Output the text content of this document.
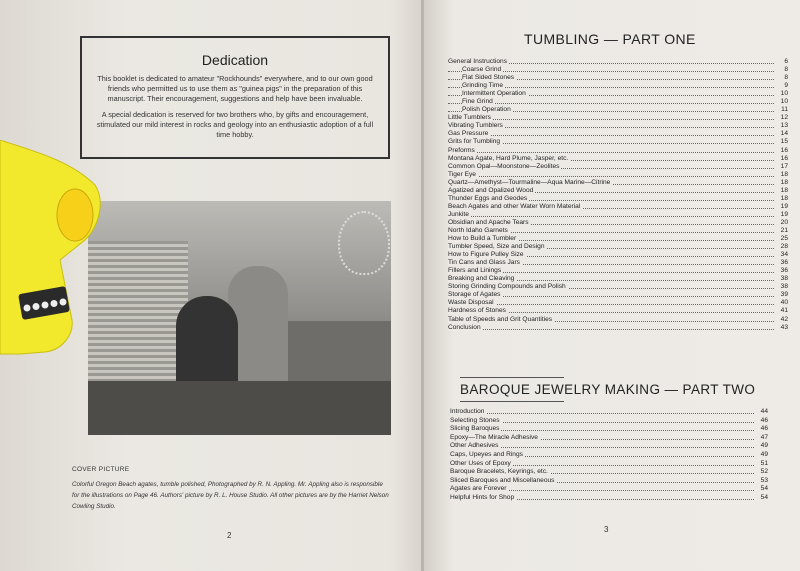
Dedication

This booklet is dedicated to amateur "Rockhounds" everywhere, and to our own good friends who permitted us to use them as "guinea pigs" in the preparation of this manuscript. Their encouragement, suggestions and help have been invaluable.

A special dedication is reserved for two brothers who, by gifts and encouragement, stimulated our mild interest in rocks and geology into an enthusiastic adoption of a full time hobby.

COVER PICTURE
Colorful Oregon Beach agates, tumble polished, Photographed by R. N. Appling. Mr. Appling also is responsible for the illustrations on Page 46. Authors' picture by R. L. House Studio. All other pictures are by the Harriet Nelson Cowling Studio.
2
TUMBLING — PART ONE
General Instructions	6
Coarse Grind	8
Flat Sided Stones	8
Grinding Time	9
Intermittent Operation	10
Fine Grind	10
Polish Operation	11
Little Tumblers	12
Vibrating Tumblers	13
Gas Pressure	14
Grits for Tumbling	15
Preforms	16
Montana Agate, Hard Plume, Jasper, etc.	16
Common Opal—Moonstone—Zeolites	17
Tiger Eye	18
Quartz—Amethyst—Tourmaline—Aqua Marine—Citrine	18
Agatized and Opalized Wood	18
Thunder Eggs and Geodes	18
Beach Agates and other Water Worn Material	19
Junkite	19
Obsidian and Apache Tears	20
North Idaho Garnets	21
How to Build a Tumbler	25
Tumbler Speed, Size and Design	28
How to Figure Pulley Size	34
Tin Cans and Glass Jars	36
Fillers and Linings	36
Breaking and Cleaving	38
Storing Grinding Compounds and Polish	38
Storage of Agates	39
Waste Disposal	40
Hardness of Stones	41
Table of Speeds and Grit Quantities	42
Conclusion	43
BAROQUE JEWELRY MAKING — PART TWO
Introduction	44
Selecting Stones	46
Slicing Baroques	46
Epoxy—The Miracle Adhesive	47
Other Adhesives	49
Caps, Upeyes and Rings	49
Other Uses of Epoxy	51
Baroque Bracelets, Keyrings, etc.	52
Sliced Baroques and Miscellaneous	53
Agates are Forever	54
Helpful Hints for Shop	54
3
